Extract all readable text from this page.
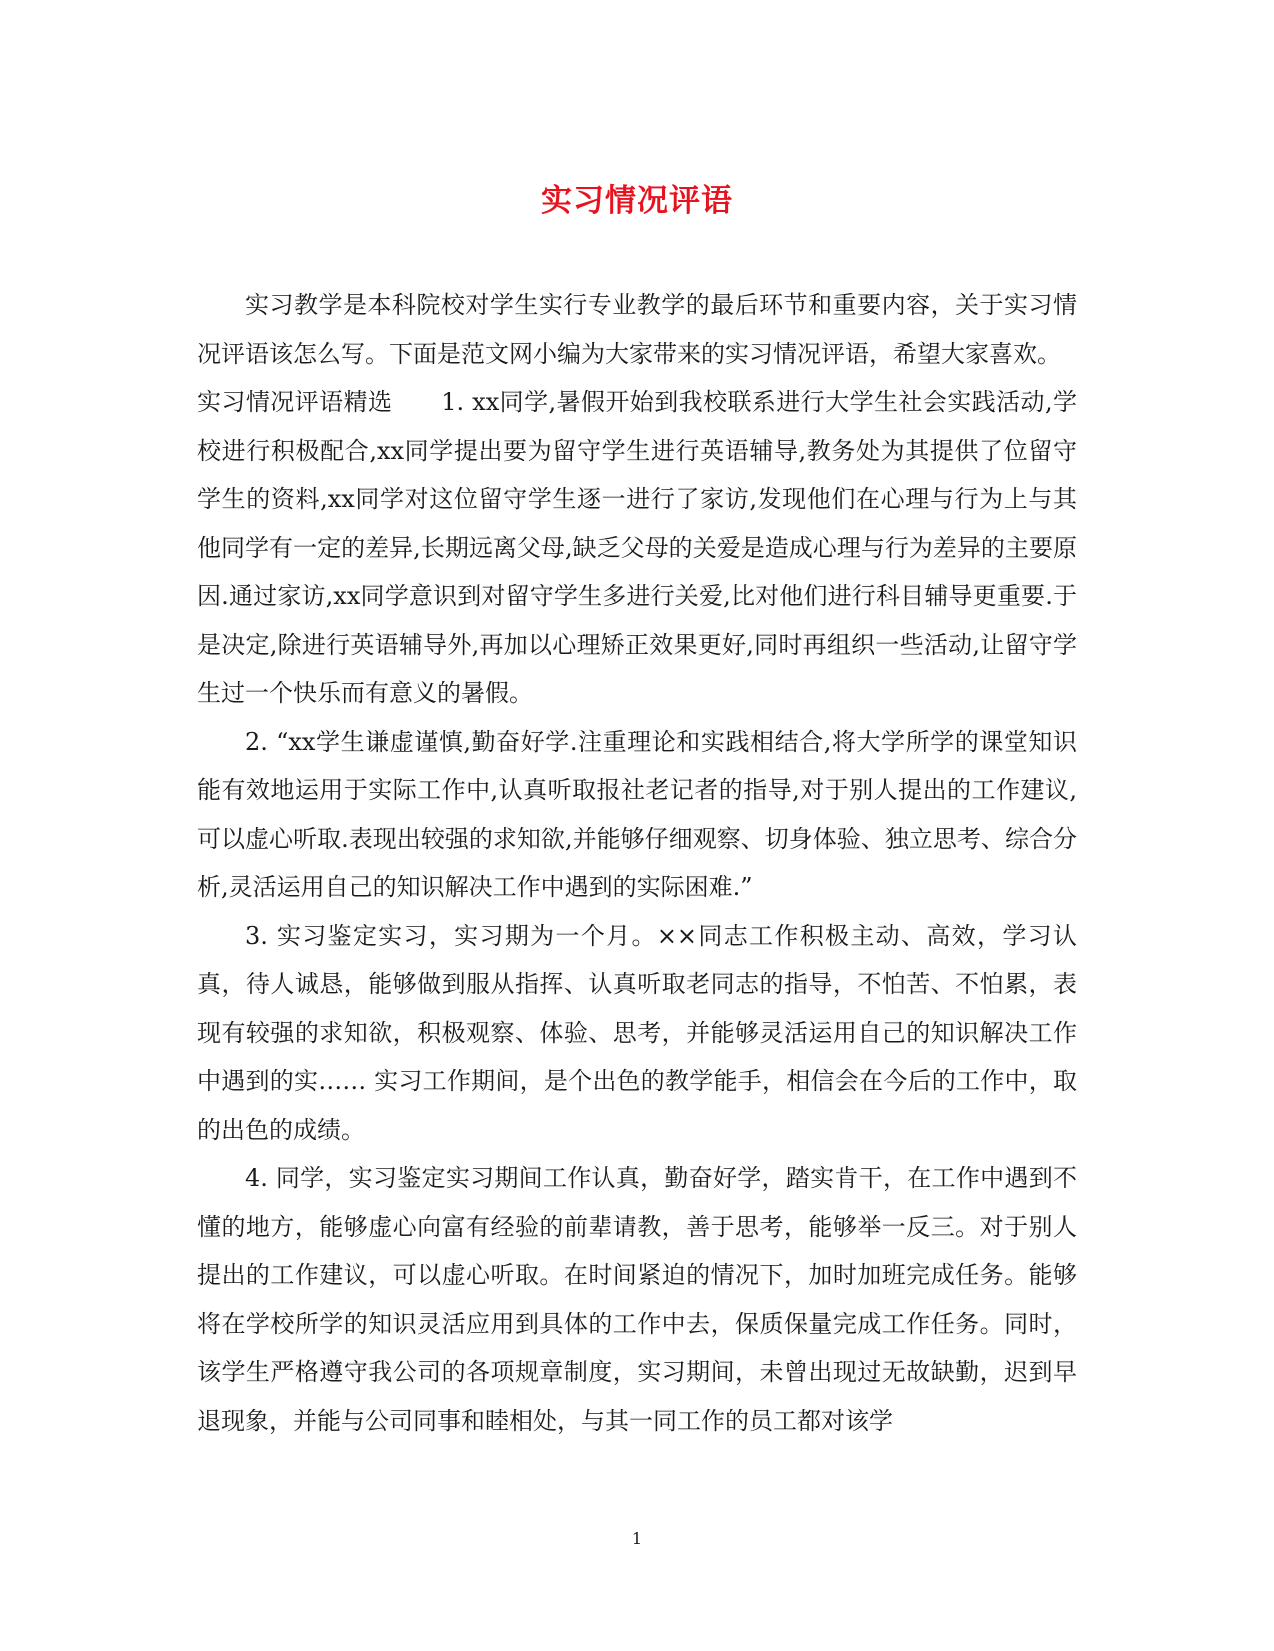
实习情况评语

实习教学是本科院校对学生实行专业教学的最后环节和重要内容，关于实习情况评语该怎么写。下面是范文网小编为大家带来的实习情况评语，希望大家喜欢。

实习情况评语精选　　1. xx同学,暑假开始到我校联系进行大学生社会实践活动,学校进行积极配合,xx同学提出要为留守学生进行英语辅导,教务处为其提供了位留守学生的资料,xx同学对这位留守学生逐一进行了家访,发现他们在心理与行为上与其他同学有一定的差异,长期远离父母,缺乏父母的关爱是造成心理与行为差异的主要原因.通过家访,xx同学意识到对留守学生多进行关爱,比对他们进行科目辅导更重要.于是决定,除进行英语辅导外,再加以心理矫正效果更好,同时再组织一些活动,让留守学生过一个快乐而有意义的暑假。

2. “xx学生谦虚谨慎,勤奋好学.注重理论和实践相结合,将大学所学的课堂知识能有效地运用于实际工作中,认真听取报社老记者的指导,对于别人提出的工作建议,可以虚心听取.表现出较强的求知欲,并能够仔细观察、切身体验、独立思考、综合分析,灵活运用自己的知识解决工作中遇到的实际困难.”

3. 实习鉴定实习，实习期为一个月。××同志工作积极主动、高效，学习认真，待人诚恳，能够做到服从指挥、认真听取老同志的指导，不怕苦、不怕累，表现有较强的求知欲，积极观察、体验、思考，并能够灵活运用自己的知识解决工作中遇到的实…… 实习工作期间，是个出色的教学能手，相信会在今后的工作中，取的出色的成绩。

4. 同学，实习鉴定实习期间工作认真，勤奋好学，踏实肯干，在工作中遇到不懂的地方，能够虚心向富有经验的前辈请教，善于思考，能够举一反三。对于别人提出的工作建议，可以虚心听取。在时间紧迫的情况下，加时加班完成任务。能够将在学校所学的知识灵活应用到具体的工作中去，保质保量完成工作任务。同时，该学生严格遵守我公司的各项规章制度，实习期间，未曾出现过无故缺勤，迟到早退现象，并能与公司同事和睦相处，与其一同工作的员工都对该学

1
